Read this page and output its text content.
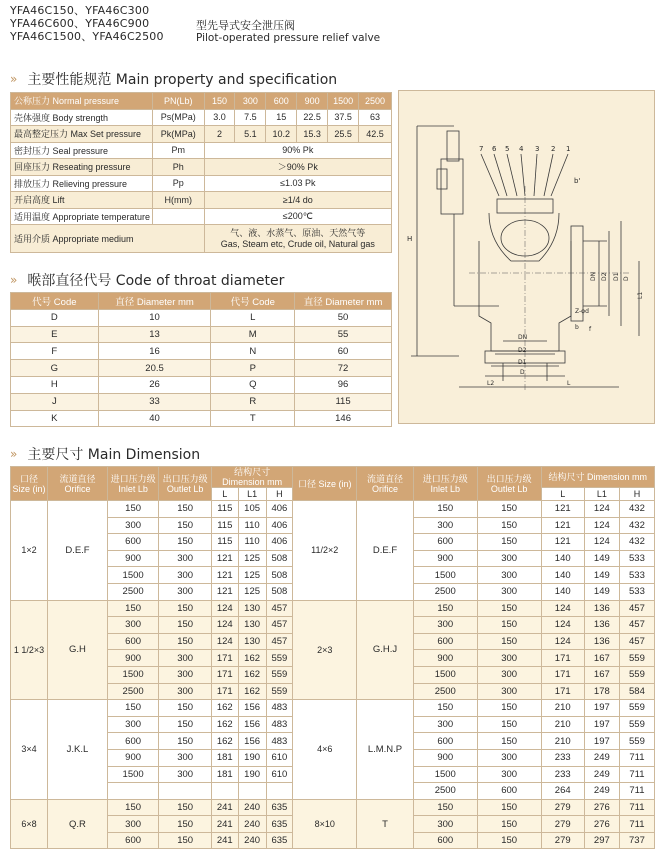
YFA46C150、YFA46C300
YFA46C600、YFA46C900
YFA46C1500、YFA46C2500
型先导式安全泄压阀
Pilot-operated pressure relief valve
» 主要性能规范 Main property and specification
公称压力 Normal pressure	PN(Lb)	150	300	600	900	1500	2500
壳体强度 Body strength	Ps(MPa)	3.0	7.5	15	22.5	37.5	63
最高整定压力 Max Set pressure	Pk(MPa)	2	5.1	10.2	15.3	25.5	42.5
密封压力 Seal pressure	Pm	90% Pk					
回座压力 Reseating pressure	Ph	＞90% Pk					
排放压力 Relieving pressure	Pp	≤1.03 Pk					
开启高度 Lift	H(mm)	≥1/4 do					
适用温度 Appropriate temperature		≤200℃					
适用介质 Appropriate medium		气、液、水蒸气、原油、天然气等
Gas, Steam etc, Crude oil, Natural gas					
» 喉部直径代号 Code of throat diameter
代号 Code	直径 Diameter mm	代号 Code	直径 Diameter mm
D	10	L	50
E	13	M	55
F	16	N	60
G	20.5	P	72
H	26	Q	96
J	33	R	115
K	40	T	146
7 6 5 4 3 2 1
H
b'
DN D2 D1 D
L1
Z-φd
f
b
DN
D2
D1
D
L2	L
» 主要尺寸 Main Dimension
口径 Size (in)	流道直径 Orifice	进口压力级 Inlet Lb	出口压力级 Outlet Lb	结构尺寸 Dimension mm			口径 Size (in)	流道直径 Orifice	进口压力级 Inlet Lb	出口压力级 Outlet Lb	结构尺寸 Dimension mm		
				L	L1	H					L	L1	H
1×2	D.E.F	150	150	115	105	406	11/2×2	D.E.F	150	150	121	124	432
		300	150	115	110	406			300	150	121	124	432
		600	150	115	110	406			600	150	121	124	432
		900	300	121	125	508			900	300	140	149	533
		1500	300	121	125	508			1500	300	140	149	533
		2500	300	121	125	508			2500	300	140	149	533
1 1/2×3	G.H	150	150	124	130	457	2×3	G.H.J	150	150	124	136	457
		300	150	124	130	457			300	150	124	136	457
		600	150	124	130	457			600	150	124	136	457
		900	300	171	162	559			900	300	171	167	559
		1500	300	171	162	559			1500	300	171	167	559
		2500	300	171	162	559			2500	300	171	178	584
3×4	J.K.L	150	150	162	156	483	4×6	L.M.N.P	150	150	210	197	559
		300	150	162	156	483			300	150	210	197	559
		600	150	162	156	483			600	150	210	197	559
		900	300	181	190	610			900	300	233	249	711
		1500	300	181	190	610			1500	300	233	249	711
									2500	600	264	249	711
6×8	Q.R	150	150	241	240	635	8×10	T	150	150	279	276	711
		300	150	241	240	635			300	150	279	276	711
		600	150	241	240	635			600	150	279	297	737
